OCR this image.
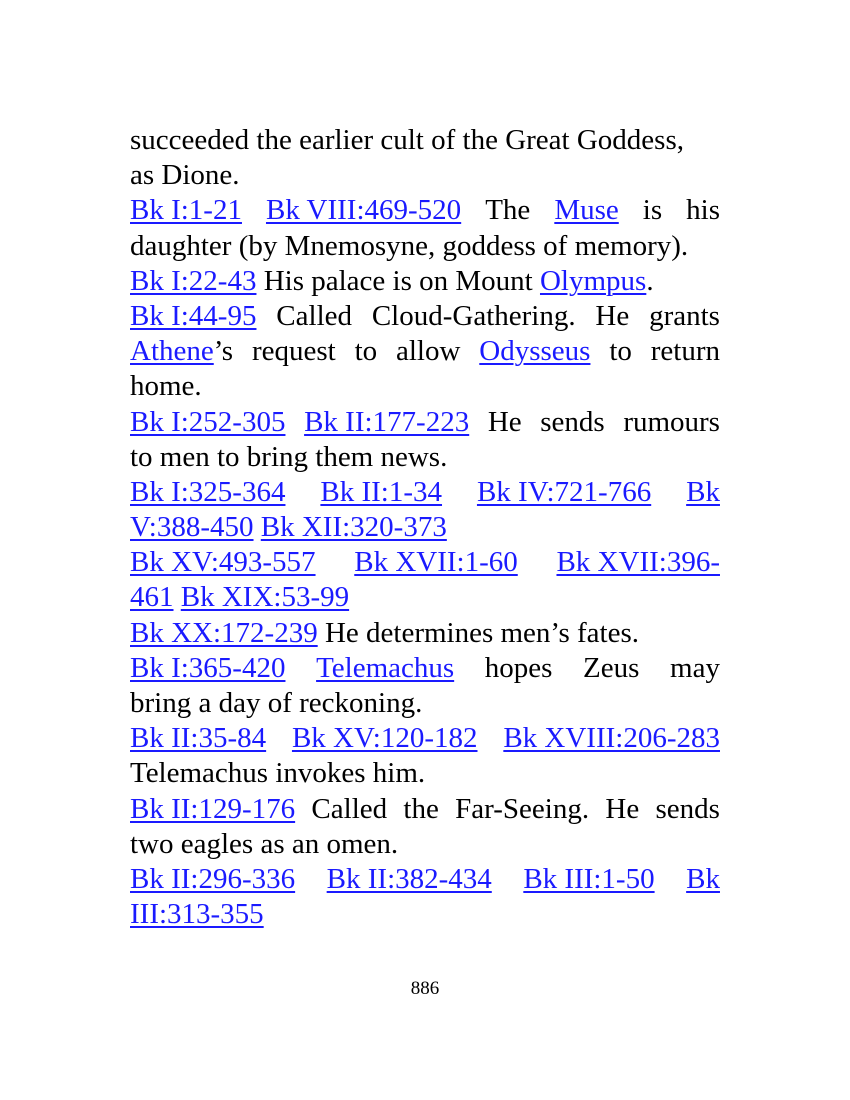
succeeded the earlier cult of the Great Goddess,
as Dione.
Bk I:1-21 Bk VIII:469-520 The Muse is his
daughter (by Mnemosyne, goddess of memory).
Bk I:22-43 His palace is on Mount Olympus.
Bk I:44-95 Called Cloud-Gathering. He grants
Athene’s request to allow Odysseus to return
home.
Bk I:252-305 Bk II:177-223 He sends rumours
to men to bring them news.
Bk I:325-364 Bk II:1-34 Bk IV:721-766 Bk
V:388-450 Bk XII:320-373
Bk XV:493-557 Bk XVII:1-60 Bk XVII:396-
461 Bk XIX:53-99
Bk XX:172-239 He determines men’s fates.
Bk I:365-420 Telemachus hopes Zeus may
bring a day of reckoning.
Bk II:35-84 Bk XV:120-182 Bk XVIII:206-283
Telemachus invokes him.
Bk II:129-176 Called the Far-Seeing. He sends
two eagles as an omen.
Bk II:296-336 Bk II:382-434 Bk III:1-50 Bk
III:313-355
886
